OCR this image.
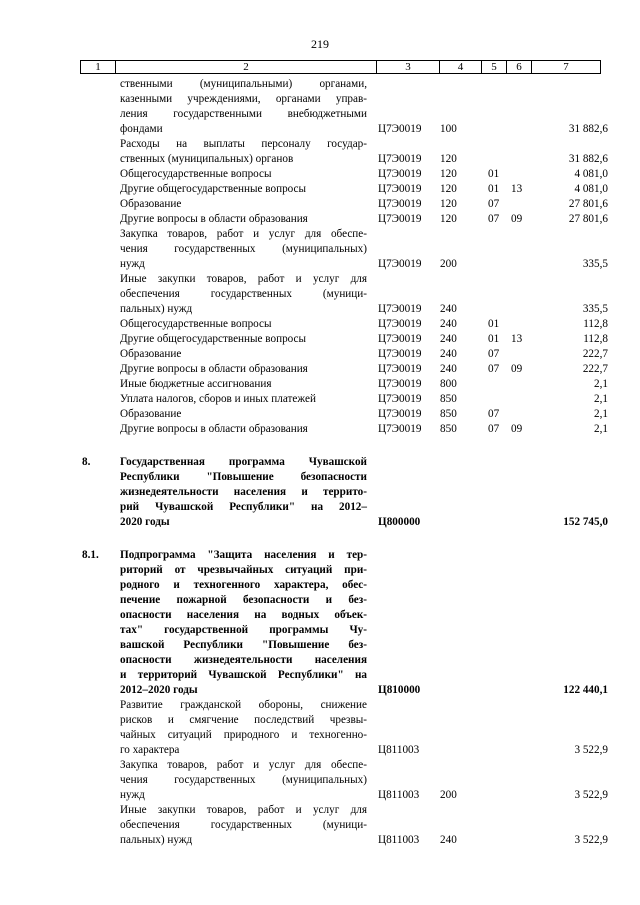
219
1	2	3	4	5	6	7
ственными (муниципальными) органами,
казенными учреждениями, органами управ-
ления государственными внебюджетными
фондами	Ц7Э0019 100	31 882,6
Расходы на выплаты персоналу государ-
ственных (муниципальных) органов	Ц7Э0019 120	31 882,6
Общегосударственные вопросы	Ц7Э0019 120	01	4 081,0
Другие общегосударственные вопросы	Ц7Э0019 120	01 13	4 081,0
Образование	Ц7Э0019 120	07	27 801,6
Другие вопросы в области образования	Ц7Э0019 120	07 09	27 801,6
Закупка товаров, работ и услуг для обеспе-
чения государственных (муниципальных)
нужд	Ц7Э0019 200	335,5
Иные закупки товаров, работ и услуг для
обеспечения государственных (муници-
пальных) нужд	Ц7Э0019 240	335,5
Общегосударственные вопросы	Ц7Э0019 240	01	112,8
Другие общегосударственные вопросы	Ц7Э0019 240	01 13	112,8
Образование	Ц7Э0019 240	07	222,7
Другие вопросы в области образования	Ц7Э0019 240	07 09	222,7
Иные бюджетные ассигнования	Ц7Э0019 800	2,1
Уплата налогов, сборов и иных платежей	Ц7Э0019 850	2,1
Образование	Ц7Э0019 850	07	2,1
Другие вопросы в области образования	Ц7Э0019 850	07 09	2,1
8.	Государственная программа Чувашской
Республики "Повышение безопасности
жизнедеятельности населения и террито-
рий Чувашской Республики" на 2012–
2020 годы	Ц800000	152 745,0
8.1. Подпрограмма "Защита населения и тер-
риторий от чрезвычайных ситуаций при-
родного и техногенного характера, обес-
печение пожарной безопасности и без-
опасности населения на водных объек-
тах" государственной программы Чу-
вашской Республики "Повышение без-
опасности жизнедеятельности населения
и территорий Чувашской Республики" на
2012–2020 годы	Ц810000	122 440,1
Развитие гражданской обороны, снижение
рисков и смягчение последствий чрезвы-
чайных ситуаций природного и техногенно-
го характера	Ц811003	3 522,9
Закупка товаров, работ и услуг для обеспе-
чения государственных (муниципальных)
нужд	Ц811003 200	3 522,9
Иные закупки товаров, работ и услуг для
обеспечения государственных (муници-
пальных) нужд	Ц811003 240	3 522,9
